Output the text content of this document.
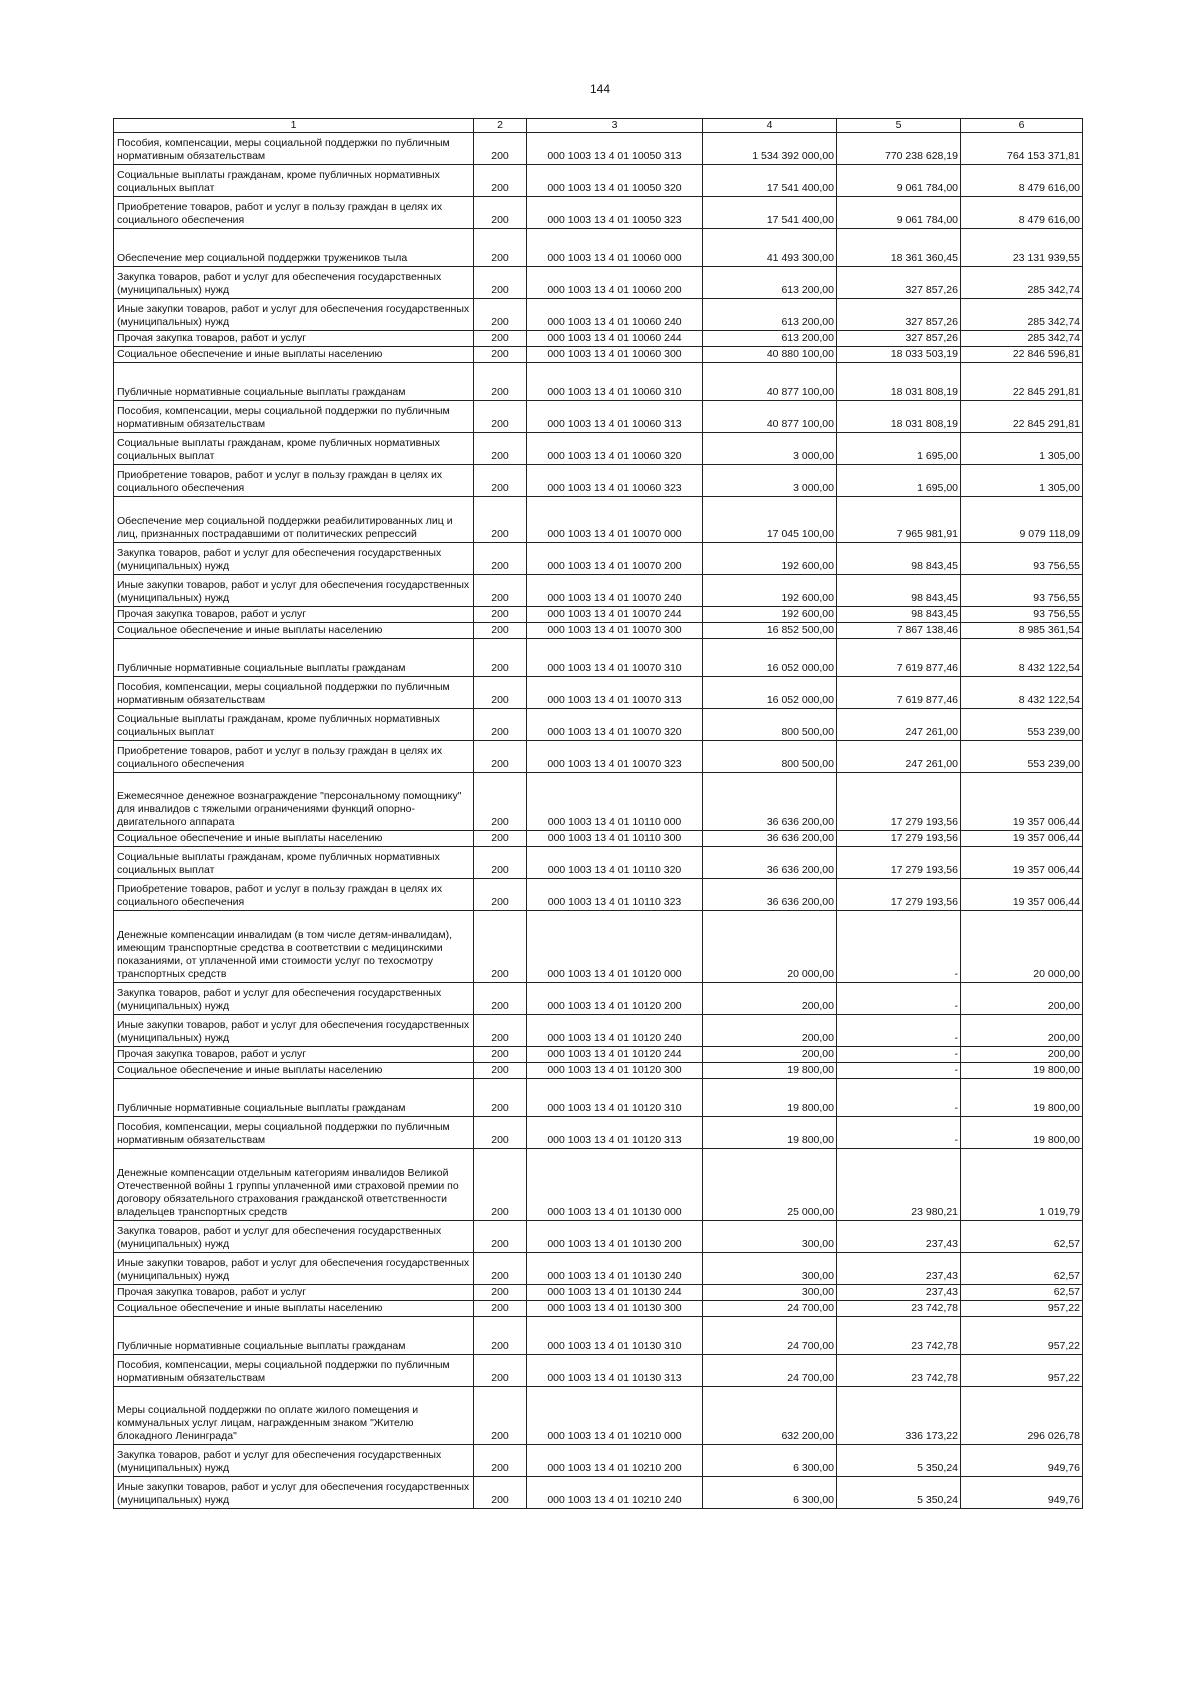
144
1	2	3	4	5	6
Пособия, компенсации, меры социальной поддержки по публичным нормативным обязательствам	200	000 1003 13 4 01 10050 313	1 534 392 000,00	770 238 628,19	764 153 371,81
Социальные выплаты гражданам, кроме публичных нормативных социальных выплат	200	000 1003 13 4 01 10050 320	17 541 400,00	9 061 784,00	8 479 616,00
Приобретение товаров, работ и услуг в пользу граждан в целях их социального обеспечения	200	000 1003 13 4 01 10050 323	17 541 400,00	9 061 784,00	8 479 616,00
Обеспечение мер социальной поддержки тружеников тыла	200	000 1003 13 4 01 10060 000	41 493 300,00	18 361 360,45	23 131 939,55
Закупка товаров, работ и услуг для обеспечения государственных (муниципальных) нужд	200	000 1003 13 4 01 10060 200	613 200,00	327 857,26	285 342,74
Иные закупки товаров, работ и услуг для обеспечения государственных (муниципальных) нужд	200	000 1003 13 4 01 10060 240	613 200,00	327 857,26	285 342,74
Прочая закупка товаров, работ и услуг	200	000 1003 13 4 01 10060 244	613 200,00	327 857,26	285 342,74
Социальное обеспечение и иные выплаты населению	200	000 1003 13 4 01 10060 300	40 880 100,00	18 033 503,19	22 846 596,81
Публичные нормативные социальные выплаты гражданам	200	000 1003 13 4 01 10060 310	40 877 100,00	18 031 808,19	22 845 291,81
Пособия, компенсации, меры социальной поддержки по публичным нормативным обязательствам	200	000 1003 13 4 01 10060 313	40 877 100,00	18 031 808,19	22 845 291,81
Социальные выплаты гражданам, кроме публичных нормативных социальных выплат	200	000 1003 13 4 01 10060 320	3 000,00	1 695,00	1 305,00
Приобретение товаров, работ и услуг в пользу граждан в целях их социального обеспечения	200	000 1003 13 4 01 10060 323	3 000,00	1 695,00	1 305,00
Обеспечение мер социальной поддержки реабилитированных лиц и лиц, признанных пострадавшими от политических репрессий	200	000 1003 13 4 01 10070 000	17 045 100,00	7 965 981,91	9 079 118,09
Закупка товаров, работ и услуг для обеспечения государственных (муниципальных) нужд	200	000 1003 13 4 01 10070 200	192 600,00	98 843,45	93 756,55
Иные закупки товаров, работ и услуг для обеспечения государственных (муниципальных) нужд	200	000 1003 13 4 01 10070 240	192 600,00	98 843,45	93 756,55
Прочая закупка товаров, работ и услуг	200	000 1003 13 4 01 10070 244	192 600,00	98 843,45	93 756,55
Социальное обеспечение и иные выплаты населению	200	000 1003 13 4 01 10070 300	16 852 500,00	7 867 138,46	8 985 361,54
Публичные нормативные социальные выплаты гражданам	200	000 1003 13 4 01 10070 310	16 052 000,00	7 619 877,46	8 432 122,54
Пособия, компенсации, меры социальной поддержки по публичным нормативным обязательствам	200	000 1003 13 4 01 10070 313	16 052 000,00	7 619 877,46	8 432 122,54
Социальные выплаты гражданам, кроме публичных нормативных социальных выплат	200	000 1003 13 4 01 10070 320	800 500,00	247 261,00	553 239,00
Приобретение товаров, работ и услуг в пользу граждан в целях их социального обеспечения	200	000 1003 13 4 01 10070 323	800 500,00	247 261,00	553 239,00
Ежемесячное денежное вознаграждение "персональному помощнику" для инвалидов с тяжелыми ограничениями функций опорно-двигательного аппарата	200	000 1003 13 4 01 10110 000	36 636 200,00	17 279 193,56	19 357 006,44
Социальное обеспечение и иные выплаты населению	200	000 1003 13 4 01 10110 300	36 636 200,00	17 279 193,56	19 357 006,44
Социальные выплаты гражданам, кроме публичных нормативных социальных выплат	200	000 1003 13 4 01 10110 320	36 636 200,00	17 279 193,56	19 357 006,44
Приобретение товаров, работ и услуг в пользу граждан в целях их социального обеспечения	200	000 1003 13 4 01 10110 323	36 636 200,00	17 279 193,56	19 357 006,44
Денежные компенсации инвалидам (в том числе детям-инвалидам), имеющим транспортные средства в соответствии с медицинскими показаниями, от уплаченной ими стоимости услуг по техосмотру транспортных средств	200	000 1003 13 4 01 10120 000	20 000,00	-	20 000,00
Закупка товаров, работ и услуг для обеспечения государственных (муниципальных) нужд	200	000 1003 13 4 01 10120 200	200,00	-	200,00
Иные закупки товаров, работ и услуг для обеспечения государственных (муниципальных) нужд	200	000 1003 13 4 01 10120 240	200,00	-	200,00
Прочая закупка товаров, работ и услуг	200	000 1003 13 4 01 10120 244	200,00	-	200,00
Социальное обеспечение и иные выплаты населению	200	000 1003 13 4 01 10120 300	19 800,00	-	19 800,00
Публичные нормативные социальные выплаты гражданам	200	000 1003 13 4 01 10120 310	19 800,00	-	19 800,00
Пособия, компенсации, меры социальной поддержки по публичным нормативным обязательствам	200	000 1003 13 4 01 10120 313	19 800,00	-	19 800,00
Денежные компенсации отдельным категориям инвалидов Великой Отечественной войны 1 группы уплаченной ими страховой премии по договору обязательного страхования гражданской ответственности владельцев транспортных средств	200	000 1003 13 4 01 10130 000	25 000,00	23 980,21	1 019,79
Закупка товаров, работ и услуг для обеспечения государственных (муниципальных) нужд	200	000 1003 13 4 01 10130 200	300,00	237,43	62,57
Иные закупки товаров, работ и услуг для обеспечения государственных (муниципальных) нужд	200	000 1003 13 4 01 10130 240	300,00	237,43	62,57
Прочая закупка товаров, работ и услуг	200	000 1003 13 4 01 10130 244	300,00	237,43	62,57
Социальное обеспечение и иные выплаты населению	200	000 1003 13 4 01 10130 300	24 700,00	23 742,78	957,22
Публичные нормативные социальные выплаты гражданам	200	000 1003 13 4 01 10130 310	24 700,00	23 742,78	957,22
Пособия, компенсации, меры социальной поддержки по публичным нормативным обязательствам	200	000 1003 13 4 01 10130 313	24 700,00	23 742,78	957,22
Меры социальной поддержки по оплате жилого помещения и коммунальных услуг лицам, награжденным знаком "Жителю блокадного Ленинграда"	200	000 1003 13 4 01 10210 000	632 200,00	336 173,22	296 026,78
Закупка товаров, работ и услуг для обеспечения государственных (муниципальных) нужд	200	000 1003 13 4 01 10210 200	6 300,00	5 350,24	949,76
Иные закупки товаров, работ и услуг для обеспечения государственных (муниципальных) нужд	200	000 1003 13 4 01 10210 240	6 300,00	5 350,24	949,76
